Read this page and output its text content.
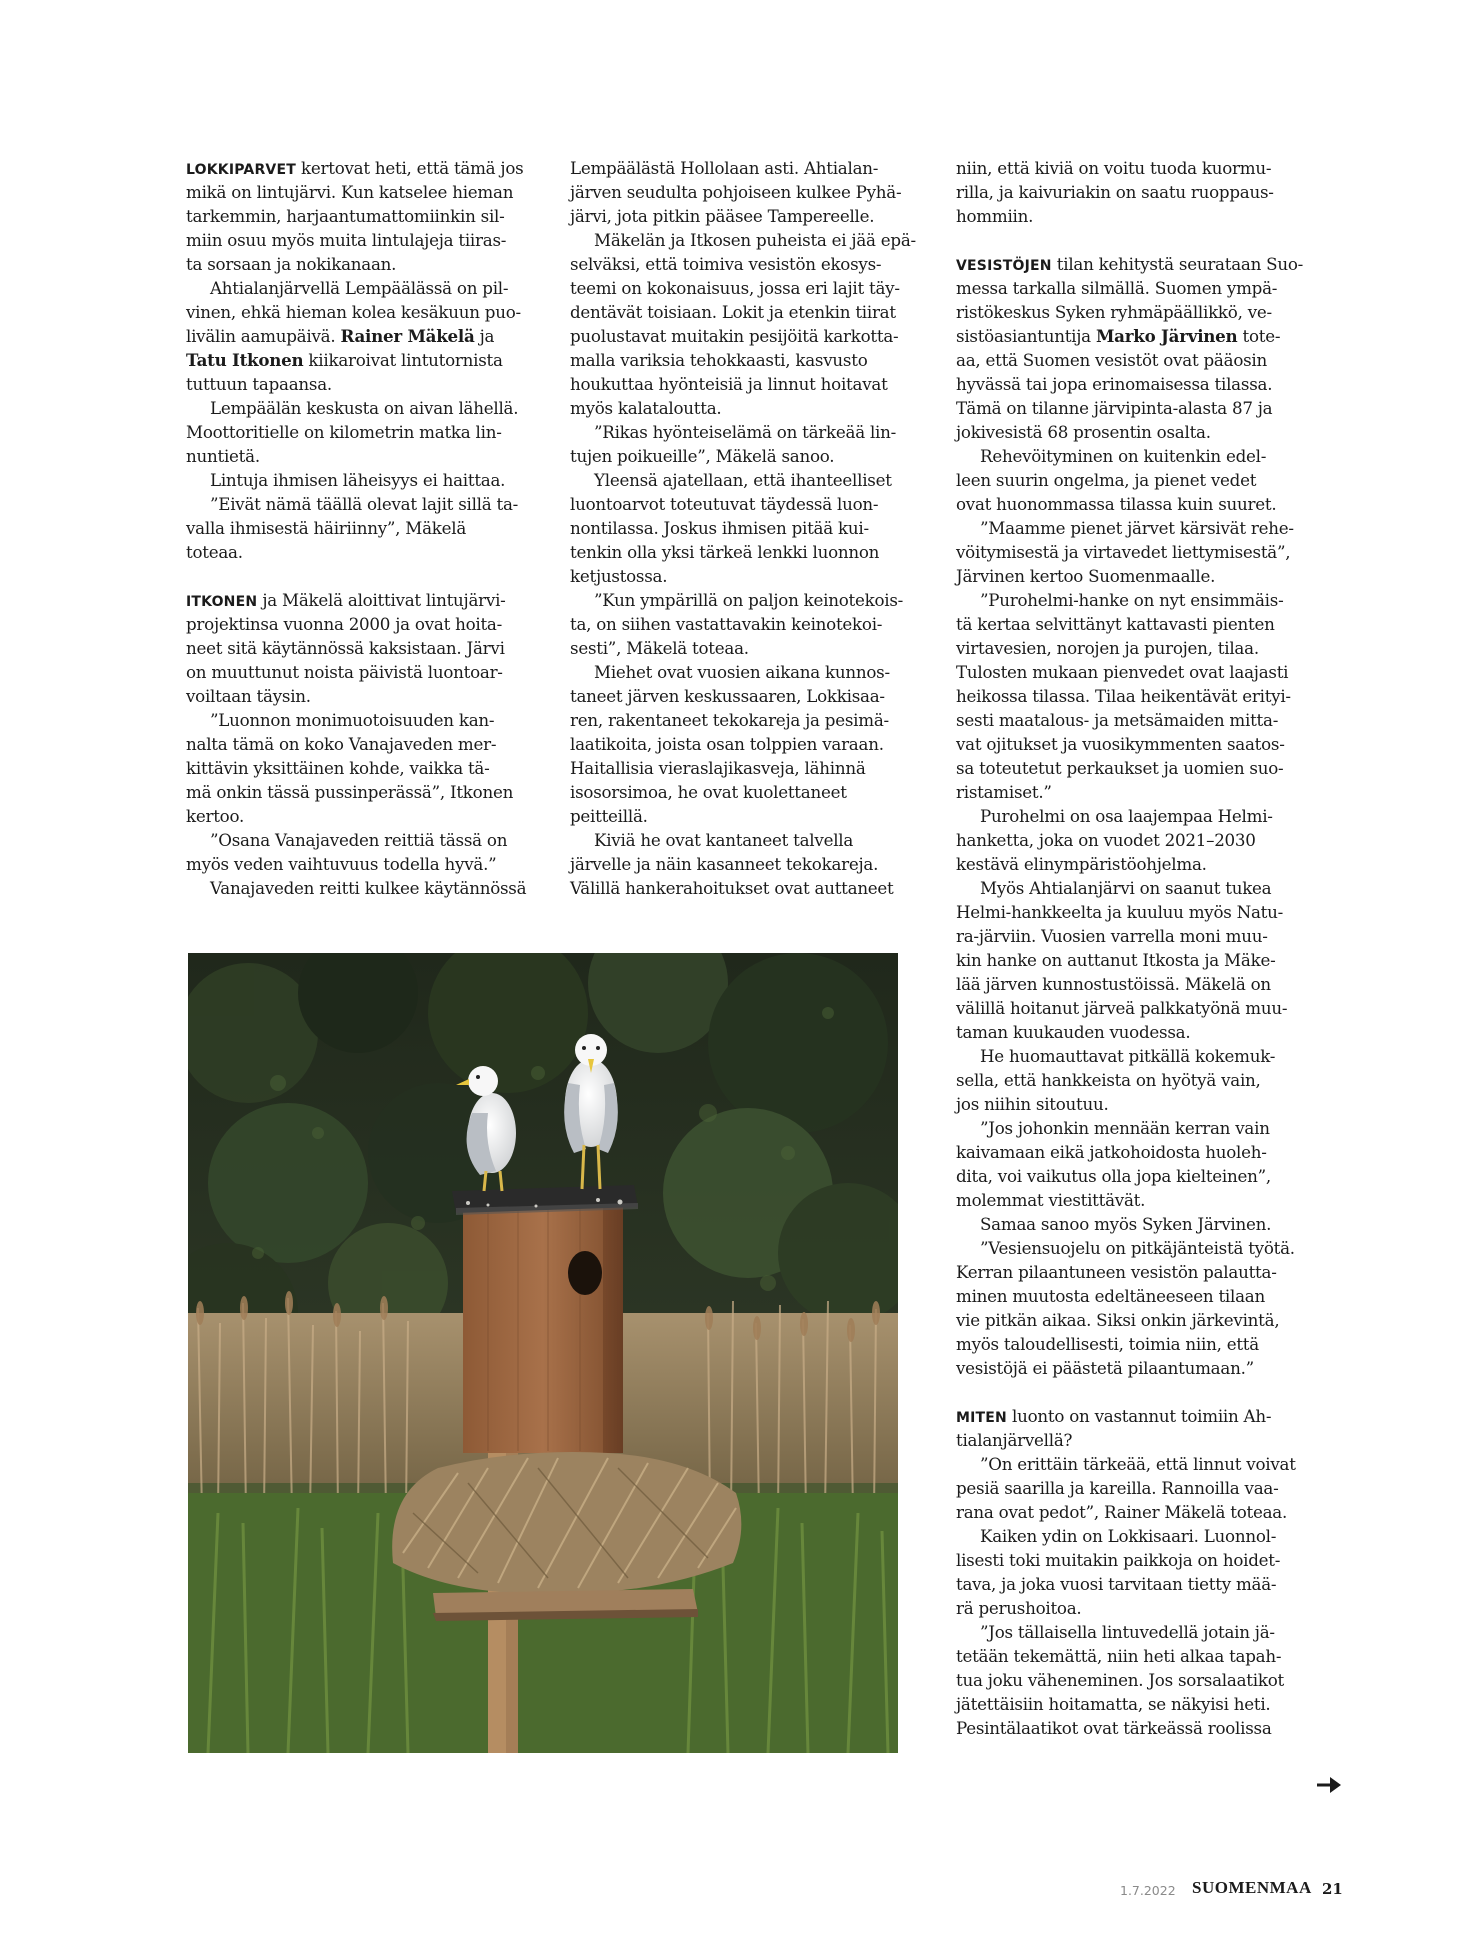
LOKKIPARVET kertovat heti, että tämä jos
mikä on lintujärvi. Kun katselee hieman
tarkemmin, harjaantumattomiinkin sil-
miin osuu myös muita lintulajeja tiiras-
ta sorsaan ja nokikanaan.
Ahtialanjärvellä Lempäälässä on pil-
vinen, ehkä hieman kolea kesäkuun puo-
livälin aamupäivä. Rainer Mäkelä ja
Tatu Itkonen kiikaroivat lintutornista
tuttuun tapaansa.
Lempäälän keskusta on aivan lähellä.
Moottoritielle on kilometrin matka lin-
nuntietä.
Lintuja ihmisen läheisyys ei haittaa.
”Eivät nämä täällä olevat lajit sillä ta-
valla ihmisestä häiriinny”, Mäkelä
toteaa.
ITKONEN ja Mäkelä aloittivat lintujärvi-
projektinsa vuonna 2000 ja ovat hoita-
neet sitä käytännössä kaksistaan. Järvi
on muuttunut noista päivistä luontoar-
voiltaan täysin.
”Luonnon monimuotoisuuden kan-
nalta tämä on koko Vanajaveden mer-
kittävin yksittäinen kohde, vaikka tä-
mä onkin tässä pussinperässä”, Itkonen
kertoo.
”Osana Vanajaveden reittiä tässä on
myös veden vaihtuvuus todella hyvä.”
Vanajaveden reitti kulkee käytännössä
Lempäälästä Hollolaan asti. Ahtialan-
järven seudulta pohjoiseen kulkee Pyhä-
järvi, jota pitkin pääsee Tampereelle.
Mäkelän ja Itkosen puheista ei jää epä-
selväksi, että toimiva vesistön ekosys-
teemi on kokonaisuus, jossa eri lajit täy-
dentävät toisiaan. Lokit ja etenkin tiirat
puolustavat muitakin pesijöitä karkotta-
malla variksia tehokkaasti, kasvusto
houkuttaa hyönteisiä ja linnut hoitavat
myös kalataloutta.
”Rikas hyönteiselämä on tärkeää lin-
tujen poikueille”, Mäkelä sanoo.
Yleensä ajatellaan, että ihanteelliset
luontoarvot toteutuvat täydessä luon-
nontilassa. Joskus ihmisen pitää kui-
tenkin olla yksi tärkeä lenkki luonnon
ketjustossa.
”Kun ympärillä on paljon keinotekois-
ta, on siihen vastattavakin keinotekoi-
sesti”, Mäkelä toteaa.
Miehet ovat vuosien aikana kunnos-
taneet järven keskussaaren, Lokkisaa-
ren, rakentaneet tekokareja ja pesimä-
laatikoita, joista osan tolppien varaan.
Haitallisia vieraslajikasveja, lähinnä
isosorsimoa, he ovat kuolettaneet
peitteillä.
Kiviä he ovat kantaneet talvella
järvelle ja näin kasanneet tekokareja.
Välillä hankerahoitukset ovat auttaneet
niin, että kiviä on voitu tuoda kuormu-
rilla, ja kaivuriakin on saatu ruoppaus-
hommiin.
VESISTÖJEN tilan kehitystä seurataan Suo-
messa tarkalla silmällä. Suomen ympä-
ristökeskus Syken ryhmäpäällikkö, ve-
sistöasiantuntija Marko Järvinen tote-
aa, että Suomen vesistöt ovat pääosin
hyvässä tai jopa erinomaisessa tilassa.
Tämä on tilanne järvipinta-alasta 87 ja
jokivesistä 68 prosentin osalta.
Rehevöityminen on kuitenkin edel-
leen suurin ongelma, ja pienet vedet
ovat huonommassa tilassa kuin suuret.
”Maamme pienet järvet kärsivät rehe-
vöitymisestä ja virtavedet liettymisestä”,
Järvinen kertoo Suomenmaalle.
”Purohelmi-hanke on nyt ensimmäis-
tä kertaa selvittänyt kattavasti pienten
virtavesien, norojen ja purojen, tilaa.
Tulosten mukaan pienvedet ovat laajasti
heikossa tilassa. Tilaa heikentävät erityi-
sesti maatalous- ja metsämaiden mitta-
vat ojitukset ja vuosikymmenten saatos-
sa toteutetut perkaukset ja uomien suo-
ristamiset.”
Purohelmi on osa laajempaa Helmi-
hanketta, joka on vuodet 2021–2030
kestävä elinympäristöohjelma.
Myös Ahtialanjärvi on saanut tukea
Helmi-hankkeelta ja kuuluu myös Natu-
ra-järviin. Vuosien varrella moni muu-
kin hanke on auttanut Itkosta ja Mäke-
lää järven kunnostustöissä. Mäkelä on
välillä hoitanut järveä palkkatyönä muu-
taman kuukauden vuodessa.
He huomauttavat pitkällä kokemuk-
sella, että hankkeista on hyötyä vain,
jos niihin sitoutuu.
”Jos johonkin mennään kerran vain
kaivamaan eikä jatkohoidosta huoleh-
dita, voi vaikutus olla jopa kielteinen”,
molemmat viestittävät.
Samaa sanoo myös Syken Järvinen.
”Vesiensuojelu on pitkäjänteistä työtä.
Kerran pilaantuneen vesistön palautta-
minen muutosta edeltäneeseen tilaan
vie pitkän aikaa. Siksi onkin järkevintä,
myös taloudellisesti, toimia niin, että
vesistöjä ei päästetä pilaantumaan.”
MITEN luonto on vastannut toimiin Ah-
tialanjärvellä?
”On erittäin tärkeää, että linnut voivat
pesiä saarilla ja kareilla. Rannoilla vaa-
rana ovat pedot”, Rainer Mäkelä toteaa.
Kaiken ydin on Lokkisaari. Luonnol-
lisesti toki muitakin paikkoja on hoidet-
tava, ja joka vuosi tarvitaan tietty mää-
rä perushoitoa.
”Jos tällaisella lintuvedellä jotain jä-
tetään tekemättä, niin heti alkaa tapah-
tua joku väheneminen. Jos sorsalaatikot
jätettäisiin hoitamatta, se näkyisi heti.
Pesintälaatikot ovat tärkeässä roolissa
1.7.2022 SUOMENMAA 21
